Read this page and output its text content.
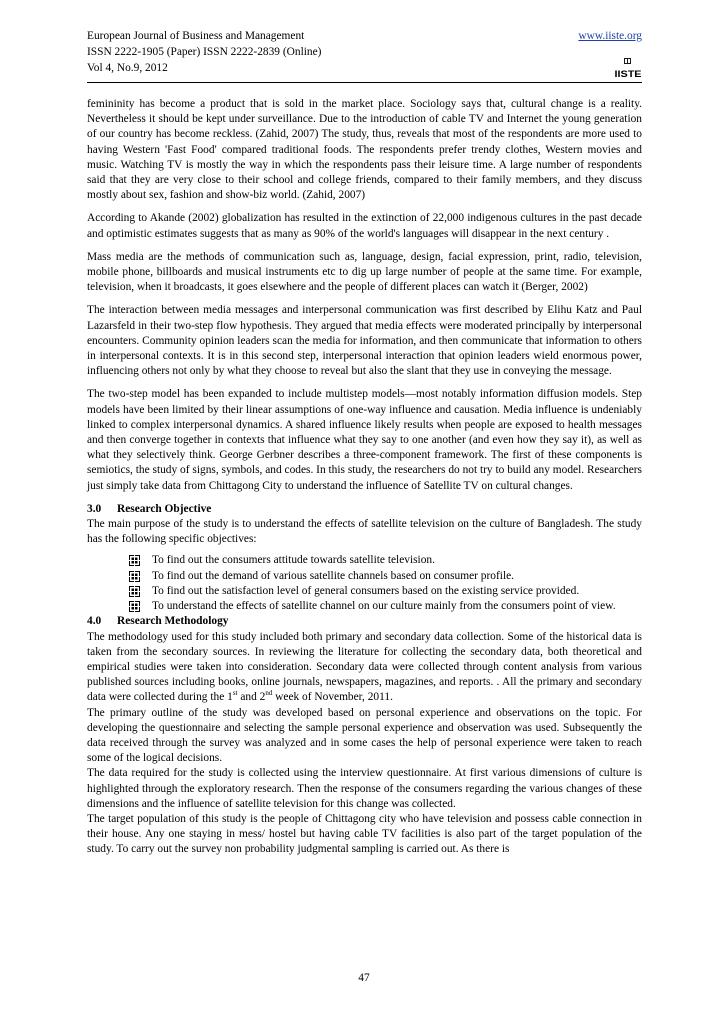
European Journal of Business and Management
ISSN 2222-1905 (Paper) ISSN 2222-2839 (Online)
Vol 4, No.9, 2012
www.iiste.org
IISTE

femininity has become a product that is sold in the market place. Sociology says that, cultural change is a reality. Nevertheless it should be kept under surveillance. Due to the introduction of cable TV and Internet the young generation of our country has become reckless. (Zahid, 2007) The study, thus, reveals that most of the respondents are more used to having Western 'Fast Food' compared traditional foods. The respondents prefer trendy clothes, Western movies and music. Watching TV is mostly the way in which the respondents pass their leisure time. A large number of respondents said that they are very close to their school and college friends, compared to their family members, and they discuss mostly about sex, fashion and show-biz world. (Zahid, 2007)

According to Akande (2002) globalization has resulted in the extinction of 22,000 indigenous cultures in the past decade and optimistic estimates suggests that as many as 90% of the world's languages will disappear in the next century .

Mass media are the methods of communication such as, language, design, facial expression, print, radio, television, mobile phone, billboards and musical instruments etc to dig up large number of people at the same time. For example, television, when it broadcasts, it goes elsewhere and the people of different places can watch it (Berger, 2002)

The interaction between media messages and interpersonal communication was first described by Elihu Katz and Paul Lazarsfeld in their two-step flow hypothesis. They argued that media effects were moderated principally by interpersonal encounters. Community opinion leaders scan the media for information, and then communicate that information to others in interpersonal contexts. It is in this second step, interpersonal interaction that opinion leaders wield enormous power, influencing others not only by what they choose to reveal but also the slant that they use in conveying the message.

The two-step model has been expanded to include multistep models—most notably information diffusion models. Step models have been limited by their linear assumptions of one-way influence and causation. Media influence is undeniably linked to complex interpersonal dynamics. A shared influence likely results when people are exposed to health messages and then converge together in contexts that influence what they say to one another (and even how they say it), as well as what they selectively think. George Gerbner describes a three-component framework. The first of these components is semiotics, the study of signs, symbols, and codes. In this study, the researchers do not try to build any model. Researchers just simply take data from Chittagong City to understand the influence of Satellite TV on cultural changes.

3.0 Research Objective

The main purpose of the study is to understand the effects of satellite television on the culture of Bangladesh. The study has the following specific objectives:

To find out the consumers attitude towards satellite television.
To find out the demand of various satellite channels based on consumer profile.
To find out the satisfaction level of general consumers based on the existing service provided.
To understand the effects of satellite channel on our culture mainly from the consumers point of view.
4.0 Research Methodology

The methodology used for this study included both primary and secondary data collection. Some of the historical data is taken from the secondary sources. In reviewing the literature for collecting the secondary data, both theoretical and empirical studies were taken into consideration. Secondary data were collected through content analysis from various published sources including books, online journals, newspapers, magazines, and reports. . All the primary and secondary data were collected during the 1st and 2nd week of November, 2011.

The primary outline of the study was developed based on personal experience and observations on the topic. For developing the questionnaire and selecting the sample personal experience and observation was used. Subsequently the data received through the survey was analyzed and in some cases the help of personal experience were taken to reach some of the logical decisions.

The data required for the study is collected using the interview questionnaire. At first various dimensions of culture is highlighted through the exploratory research. Then the response of the consumers regarding the various changes of these dimensions and the influence of satellite television for this change was collected.

The target population of this study is the people of Chittagong city who have television and possess cable connection in their house. Any one staying in mess/ hostel but having cable TV facilities is also part of the target population of the study. To carry out the survey non probability judgmental sampling is carried out. As there is

47
